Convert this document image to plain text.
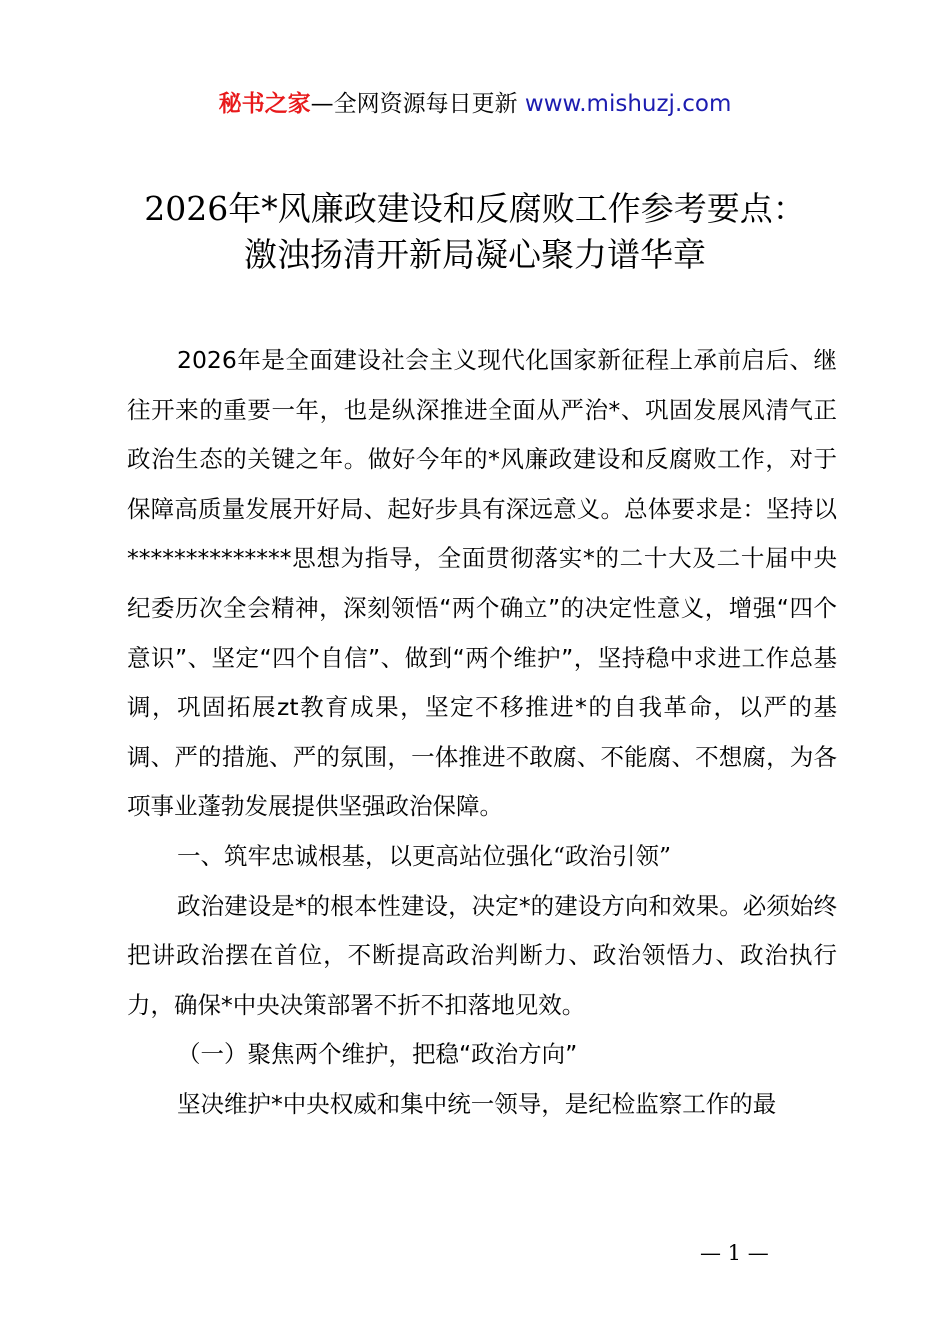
秘书之家—全网资源每日更新 www.mishuzj.com
2026年*风廉政建设和反腐败工作参考要点：
激浊扬清开新局凝心聚力谱华章

2026年是全面建设社会主义现代化国家新征程上承前启后、继往开来的重要一年，也是纵深推进全面从严治*、巩固发展风清气正政治生态的关键之年。做好今年的*风廉政建设和反腐败工作，对于保障高质量发展开好局、起好步具有深远意义。总体要求是：坚持以**************思想为指导，全面贯彻落实*的二十大及二十届中央纪委历次全会精神，深刻领悟“两个确立”的决定性意义，增强“四个意识”、坚定“四个自信”、做到“两个维护”，坚持稳中求进工作总基调，巩固拓展zt教育成果，坚定不移推进*的自我革命，以严的基调、严的措施、严的氛围，一体推进不敢腐、不能腐、不想腐，为各项事业蓬勃发展提供坚强政治保障。

一、筑牢忠诚根基，以更高站位强化“政治引领”

政治建设是*的根本性建设，决定*的建设方向和效果。必须始终把讲政治摆在首位，不断提高政治判断力、政治领悟力、政治执行力，确保*中央决策部署不折不扣落地见效。

（一）聚焦两个维护，把稳“政治方向”

坚决维护*中央权威和集中统一领导，是纪检监察工作的最

— 1 —
